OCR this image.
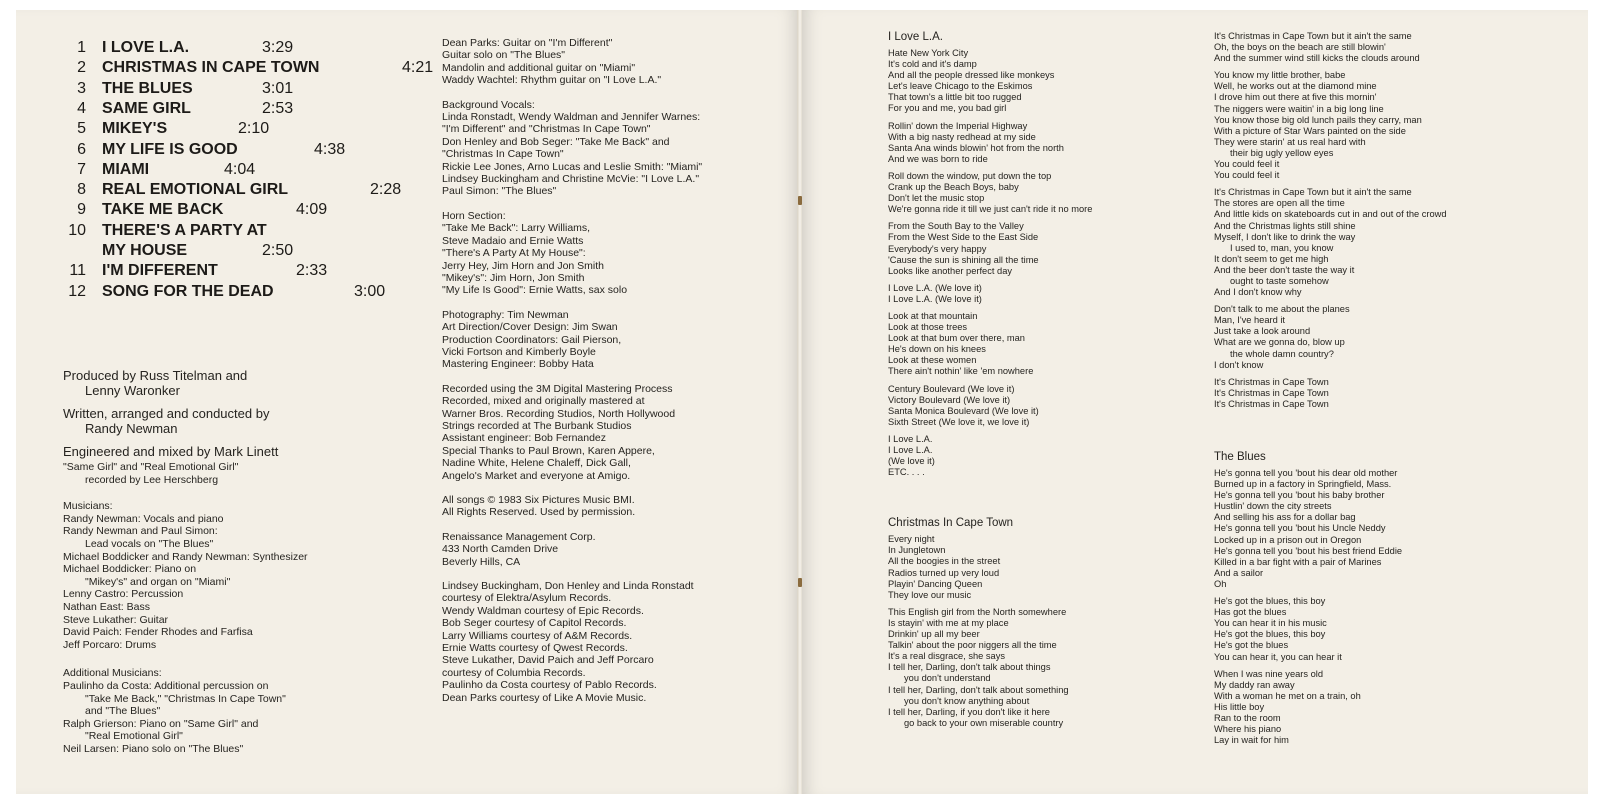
1 I LOVE L.A.	3:29
2 CHRISTMAS IN CAPE TOWN	4:21
3 THE BLUES	3:01
4 SAME GIRL	2:53
5 MIKEY'S	2:10
6 MY LIFE IS GOOD	4:38
7 MIAMI	4:04
8 REAL EMOTIONAL GIRL	2:28
9 TAKE ME BACK	4:09
10 THERE'S A PARTY AT
MY HOUSE	2:50
11 I'M DIFFERENT	2:33
12 SONG FOR THE DEAD	3:00

Produced by Russ Titelman and
Lenny Waronker

Written, arranged and conducted by
Randy Newman

Engineered and mixed by Mark Linett

"Same Girl" and "Real Emotional Girl"
recorded by Lee Herschberg

Musicians:

Randy Newman: Vocals and piano

Randy Newman and Paul Simon:
Lead vocals on "The Blues"

Michael Boddicker and Randy Newman: Synthesizer

Michael Boddicker: Piano on
"Mikey's" and organ on "Miami"

Lenny Castro: Percussion

Nathan East: Bass

Steve Lukather: Guitar

David Paich: Fender Rhodes and Farfisa

Jeff Porcaro: Drums

Additional Musicians:

Paulinho da Costa: Additional percussion on
"Take Me Back," "Christmas In Cape Town"
and "The Blues"

Ralph Grierson: Piano on "Same Girl" and
"Real Emotional Girl"

Neil Larsen: Piano solo on "The Blues"

Dean Parks: Guitar on "I'm Different"
Guitar solo on "The Blues"
Mandolin and additional guitar on "Miami"
Waddy Wachtel: Rhythm guitar on "I Love L.A."
Background Vocals:
Linda Ronstadt, Wendy Waldman and Jennifer Warnes:
"I'm Different" and "Christmas In Cape Town"
Don Henley and Bob Seger: "Take Me Back" and
"Christmas In Cape Town"
Rickie Lee Jones, Arno Lucas and Leslie Smith: "Miami"
Lindsey Buckingham and Christine McVie: "I Love L.A."
Paul Simon: "The Blues"
Horn Section:
"Take Me Back": Larry Williams,
Steve Madaio and Ernie Watts
"There's A Party At My House":
Jerry Hey, Jim Horn and Jon Smith
"Mikey's": Jim Horn, Jon Smith
"My Life Is Good": Ernie Watts, sax solo
Photography: Tim Newman
Art Direction/Cover Design: Jim Swan
Production Coordinators: Gail Pierson,
Vicki Fortson and Kimberly Boyle
Mastering Engineer: Bobby Hata
Recorded using the 3M Digital Mastering Process
Recorded, mixed and originally mastered at
Warner Bros. Recording Studios, North Hollywood
Strings recorded at The Burbank Studios
Assistant engineer: Bob Fernandez
Special Thanks to Paul Brown, Karen Appere,
Nadine White, Helene Chaleff, Dick Gall,
Angelo's Market and everyone at Amigo.
All songs © 1983 Six Pictures Music BMI.
All Rights Reserved. Used by permission.
Renaissance Management Corp.
433 North Camden Drive
Beverly Hills, CA
Lindsey Buckingham, Don Henley and Linda Ronstadt
courtesy of Elektra/Asylum Records.
Wendy Waldman courtesy of Epic Records.
Bob Seger courtesy of Capitol Records.
Larry Williams courtesy of A&M Records.
Ernie Watts courtesy of Qwest Records.
Steve Lukather, David Paich and Jeff Porcaro
courtesy of Columbia Records.
Paulinho da Costa courtesy of Pablo Records.
Dean Parks courtesy of Like A Movie Music.

I Love L.A.

Hate New York City
It's cold and it's damp
And all the people dressed like monkeys
Let's leave Chicago to the Eskimos
That town's a little bit too rugged
For you and me, you bad girl
Rollin' down the Imperial Highway
With a big nasty redhead at my side
Santa Ana winds blowin' hot from the north
And we was born to ride
Roll down the window, put down the top
Crank up the Beach Boys, baby
Don't let the music stop
We're gonna ride it till we just can't ride it no more
From the South Bay to the Valley
From the West Side to the East Side
Everybody's very happy
'Cause the sun is shining all the time
Looks like another perfect day
I Love L.A. (We love it)
I Love L.A. (We love it)
Look at that mountain
Look at those trees
Look at that bum over there, man
He's down on his knees
Look at these women
There ain't nothin' like 'em nowhere
Century Boulevard (We love it)
Victory Boulevard (We love it)
Santa Monica Boulevard (We love it)
Sixth Street (We love it, we love it)
I Love L.A.
I Love L.A.
(We love it)
ETC. . . .

Christmas In Cape Town

Every night
In Jungletown
All the boogies in the street
Radios turned up very loud
Playin' Dancing Queen
They love our music
This English girl from the North somewhere
Is stayin' with me at my place
Drinkin' up all my beer
Talkin' about the poor niggers all the time
It's a real disgrace, she says
I tell her, Darling, don't talk about things
you don't understand
I tell her, Darling, don't talk about something
you don't know anything about
I tell her, Darling, if you don't like it here
go back to your own miserable country
It's Christmas in Cape Town but it ain't the same
Oh, the boys on the beach are still blowin'
And the summer wind still kicks the clouds around
You know my little brother, babe
Well, he works out at the diamond mine
I drove him out there at five this mornin'
The niggers were waitin' in a big long line
You know those big old lunch pails they carry, man
With a picture of Star Wars painted on the side
They were starin' at us real hard with
their big ugly yellow eyes
You could feel it
You could feel it
It's Christmas in Cape Town but it ain't the same
The stores are open all the time
And little kids on skateboards cut in and out of the crowd
And the Christmas lights still shine
Myself, I don't like to drink the way
I used to, man, you know
It don't seem to get me high
And the beer don't taste the way it
ought to taste somehow
And I don't know why
Don't talk to me about the planes
Man, I've heard it
Just take a look around
What are we gonna do, blow up
the whole damn country?
I don't know
It's Christmas in Cape Town
It's Christmas in Cape Town
It's Christmas in Cape Town

The Blues

He's gonna tell you 'bout his dear old mother
Burned up in a factory in Springfield, Mass.
He's gonna tell you 'bout his baby brother
Hustlin' down the city streets
And selling his ass for a dollar bag
He's gonna tell you 'bout his Uncle Neddy
Locked up in a prison out in Oregon
He's gonna tell you 'bout his best friend Eddie
Killed in a bar fight with a pair of Marines
And a sailor
Oh
He's got the blues, this boy
Has got the blues
You can hear it in his music
He's got the blues, this boy
He's got the blues
You can hear it, you can hear it
When I was nine years old
My daddy ran away
With a woman he met on a train, oh
His little boy
Ran to the room
Where his piano
Lay in wait for him
